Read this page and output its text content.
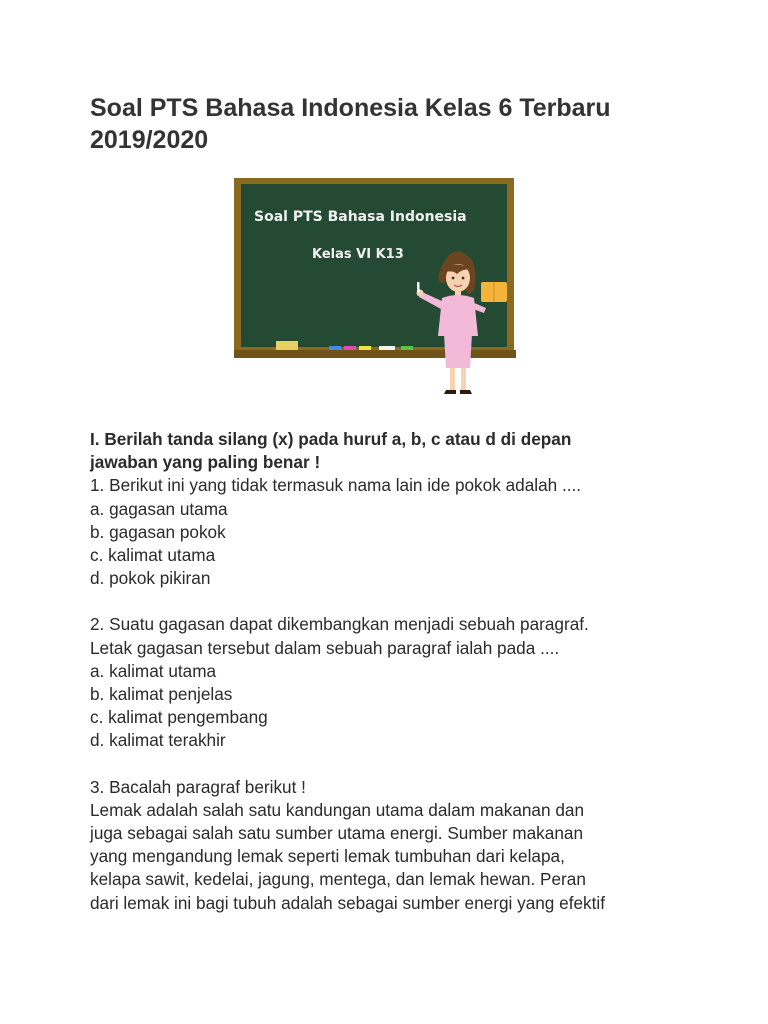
Soal PTS Bahasa Indonesia Kelas 6 Terbaru
2019/2020
Soal PTS Bahasa Indonesia
Kelas VI K13

I. Berilah tanda silang (x) pada huruf a, b, c atau d di depan

jawaban yang paling benar !

1. Berikut ini yang tidak termasuk nama lain ide pokok adalah ....

a. gagasan utama

b. gagasan pokok

c. kalimat utama

d. pokok pikiran

2. Suatu gagasan dapat dikembangkan menjadi sebuah paragraf.

Letak gagasan tersebut dalam sebuah paragraf ialah pada ....

a. kalimat utama

b. kalimat penjelas

c. kalimat pengembang

d. kalimat terakhir

3. Bacalah paragraf berikut !

Lemak adalah salah satu kandungan utama dalam makanan dan

juga sebagai salah satu sumber utama energi. Sumber makanan

yang mengandung lemak seperti lemak tumbuhan dari kelapa,

kelapa sawit, kedelai, jagung, mentega, dan lemak hewan. Peran

dari lemak ini bagi tubuh adalah sebagai sumber energi yang efektif
